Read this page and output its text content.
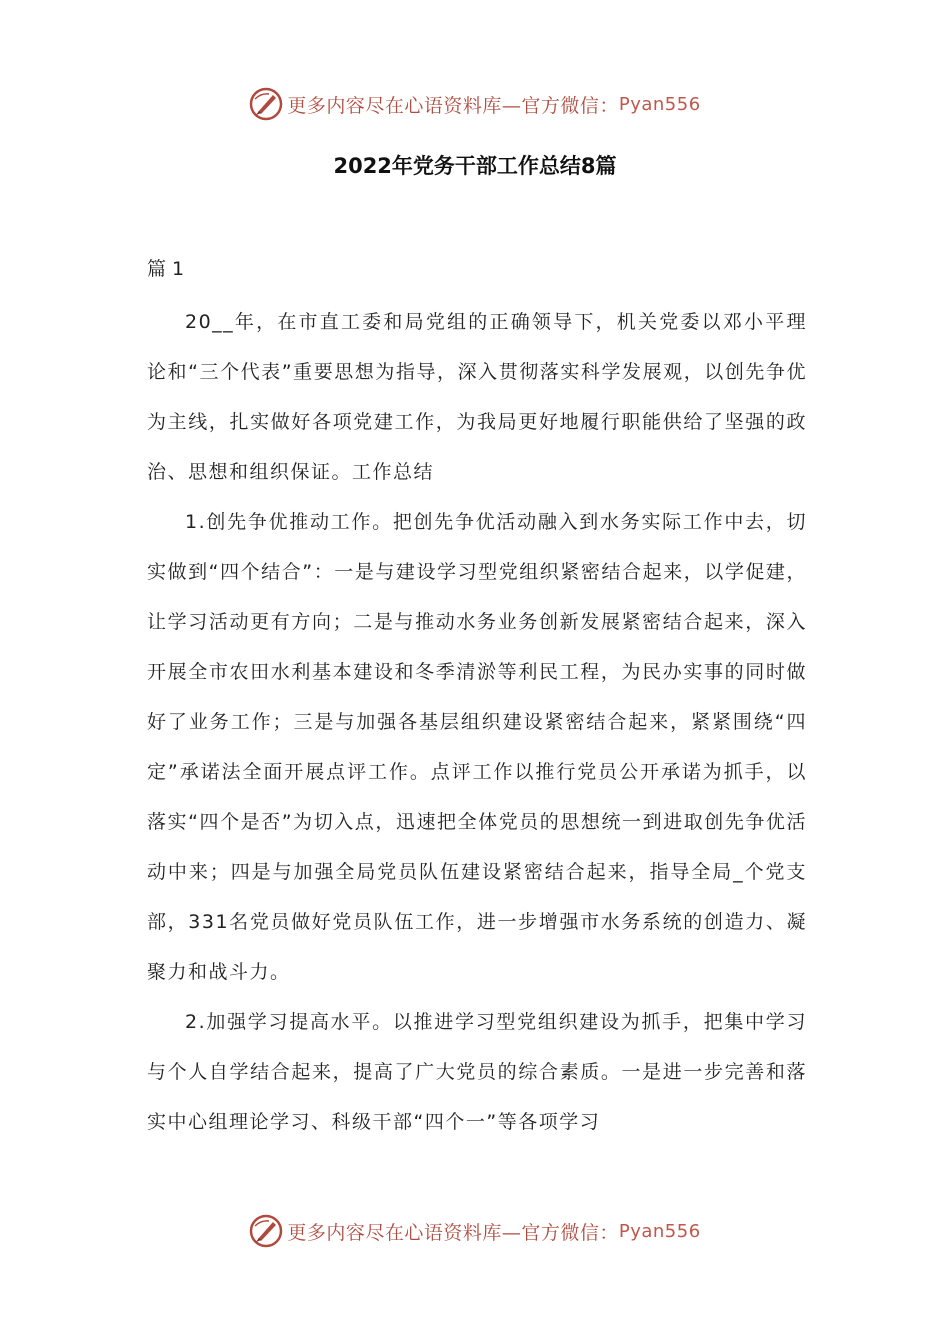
更多内容尽在心语资料库—官方微信： Pyan556
2022年党务干部工作总结8篇
篇 1

20__年，在市直工委和局党组的正确领导下，机关党委以邓小平理论和“三个代表”重要思想为指导，深入贯彻落实科学发展观，以创先争优为主线，扎实做好各项党建工作，为我局更好地履行职能供给了坚强的政治、思想和组织保证。工作总结

1.创先争优推动工作。把创先争优活动融入到水务实际工作中去，切实做到“四个结合”：一是与建设学习型党组织紧密结合起来，以学促建，让学习活动更有方向；二是与推动水务业务创新发展紧密结合起来，深入开展全市农田水利基本建设和冬季清淤等利民工程，为民办实事的同时做好了业务工作；三是与加强各基层组织建设紧密结合起来，紧紧围绕“四定”承诺法全面开展点评工作。点评工作以推行党员公开承诺为抓手，以落实“四个是否”为切入点，迅速把全体党员的思想统一到进取创先争优活动中来；四是与加强全局党员队伍建设紧密结合起来，指导全局_个党支部，331名党员做好党员队伍工作，进一步增强市水务系统的创造力、凝聚力和战斗力。

2.加强学习提高水平。以推进学习型党组织建设为抓手，把集中学习与个人自学结合起来，提高了广大党员的综合素质。一是进一步完善和落实中心组理论学习、科级干部“四个一”等各项学习

更多内容尽在心语资料库—官方微信： Pyan556
